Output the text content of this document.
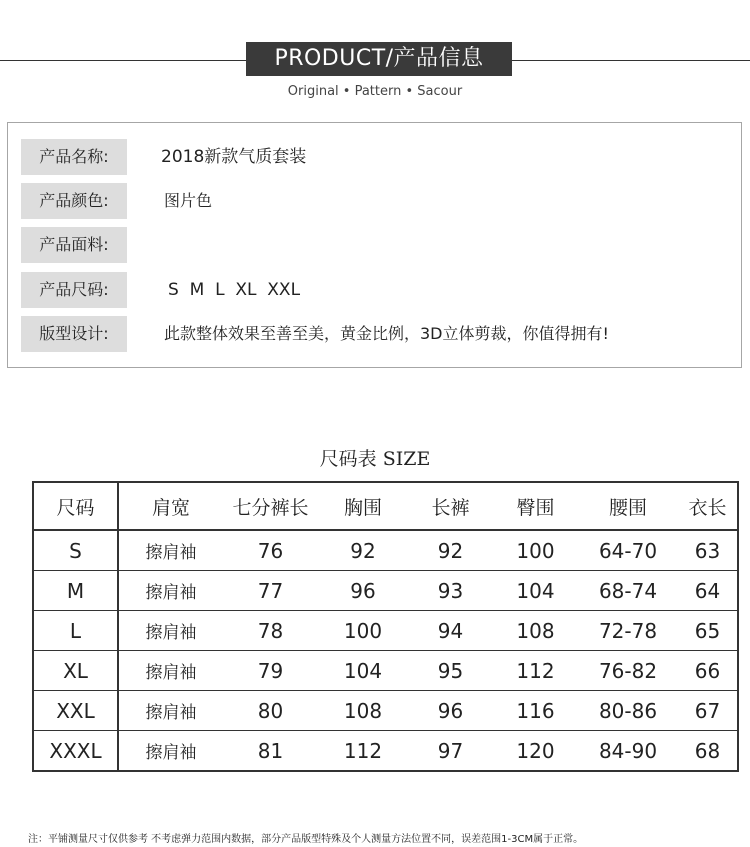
PRODUCT/产品信息
Original • Pattern • Sacour
产品名称:	2018新款气质套装
产品颜色:	图片色
产品面料:
产品尺码:	S  M  L  XL  XXL
版型设计:	此款整体效果至善至美，黄金比例，3D立体剪裁，你值得拥有!
尺码表 SIZE
尺码	肩宽	七分裤长	胸围	长裤	臀围	腰围	衣长
S	擦肩袖	76	92	92	100	64-70	63
M	擦肩袖	77	96	93	104	68-74	64
L	擦肩袖	78	100	94	108	72-78	65
XL	擦肩袖	79	104	95	112	76-82	66
XXL	擦肩袖	80	108	96	116	80-86	67
XXXL	擦肩袖	81	112	97	120	84-90	68
注：平铺测量尺寸仅供参考 不考虑弹力范围内数据，部分产品版型特殊及个人测量方法位置不同，误差范围1-3CM属于正常。
